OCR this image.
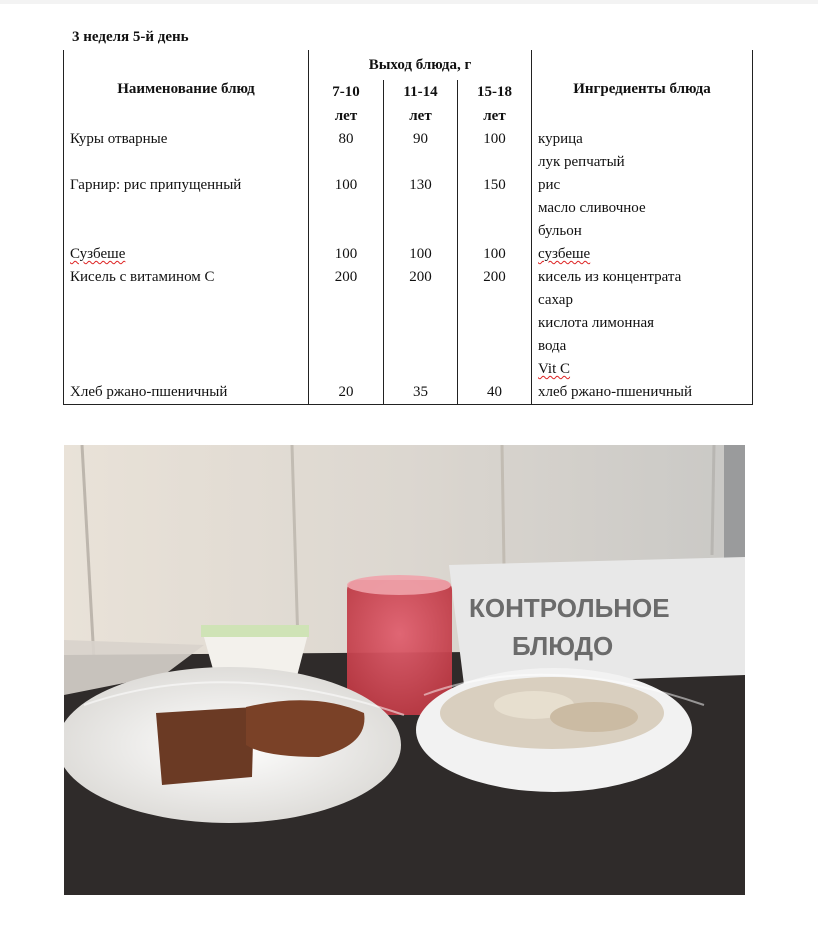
3 неделя 5-й день
Наименование блюд	Выход блюда, г			Ингредиенты блюда
	7-10	11-14	15-18	
	лет	лет	лет	
Куры отварные	80	90	100	курица
				лук репчатый
Гарнир: рис припущенный	100	130	150	рис
				масло сливочное
				бульон
Сузбеше	100	100	100	сузбеше
Кисель с витамином С	200	200	200	кисель из концентрата
				сахар
				кислота лимонная
				вода
				Vit C
Хлеб ржано-пшеничный	20	35	40	хлеб ржано-пшеничный
КОНТРОЛЬНОЕ
БЛЮДО
